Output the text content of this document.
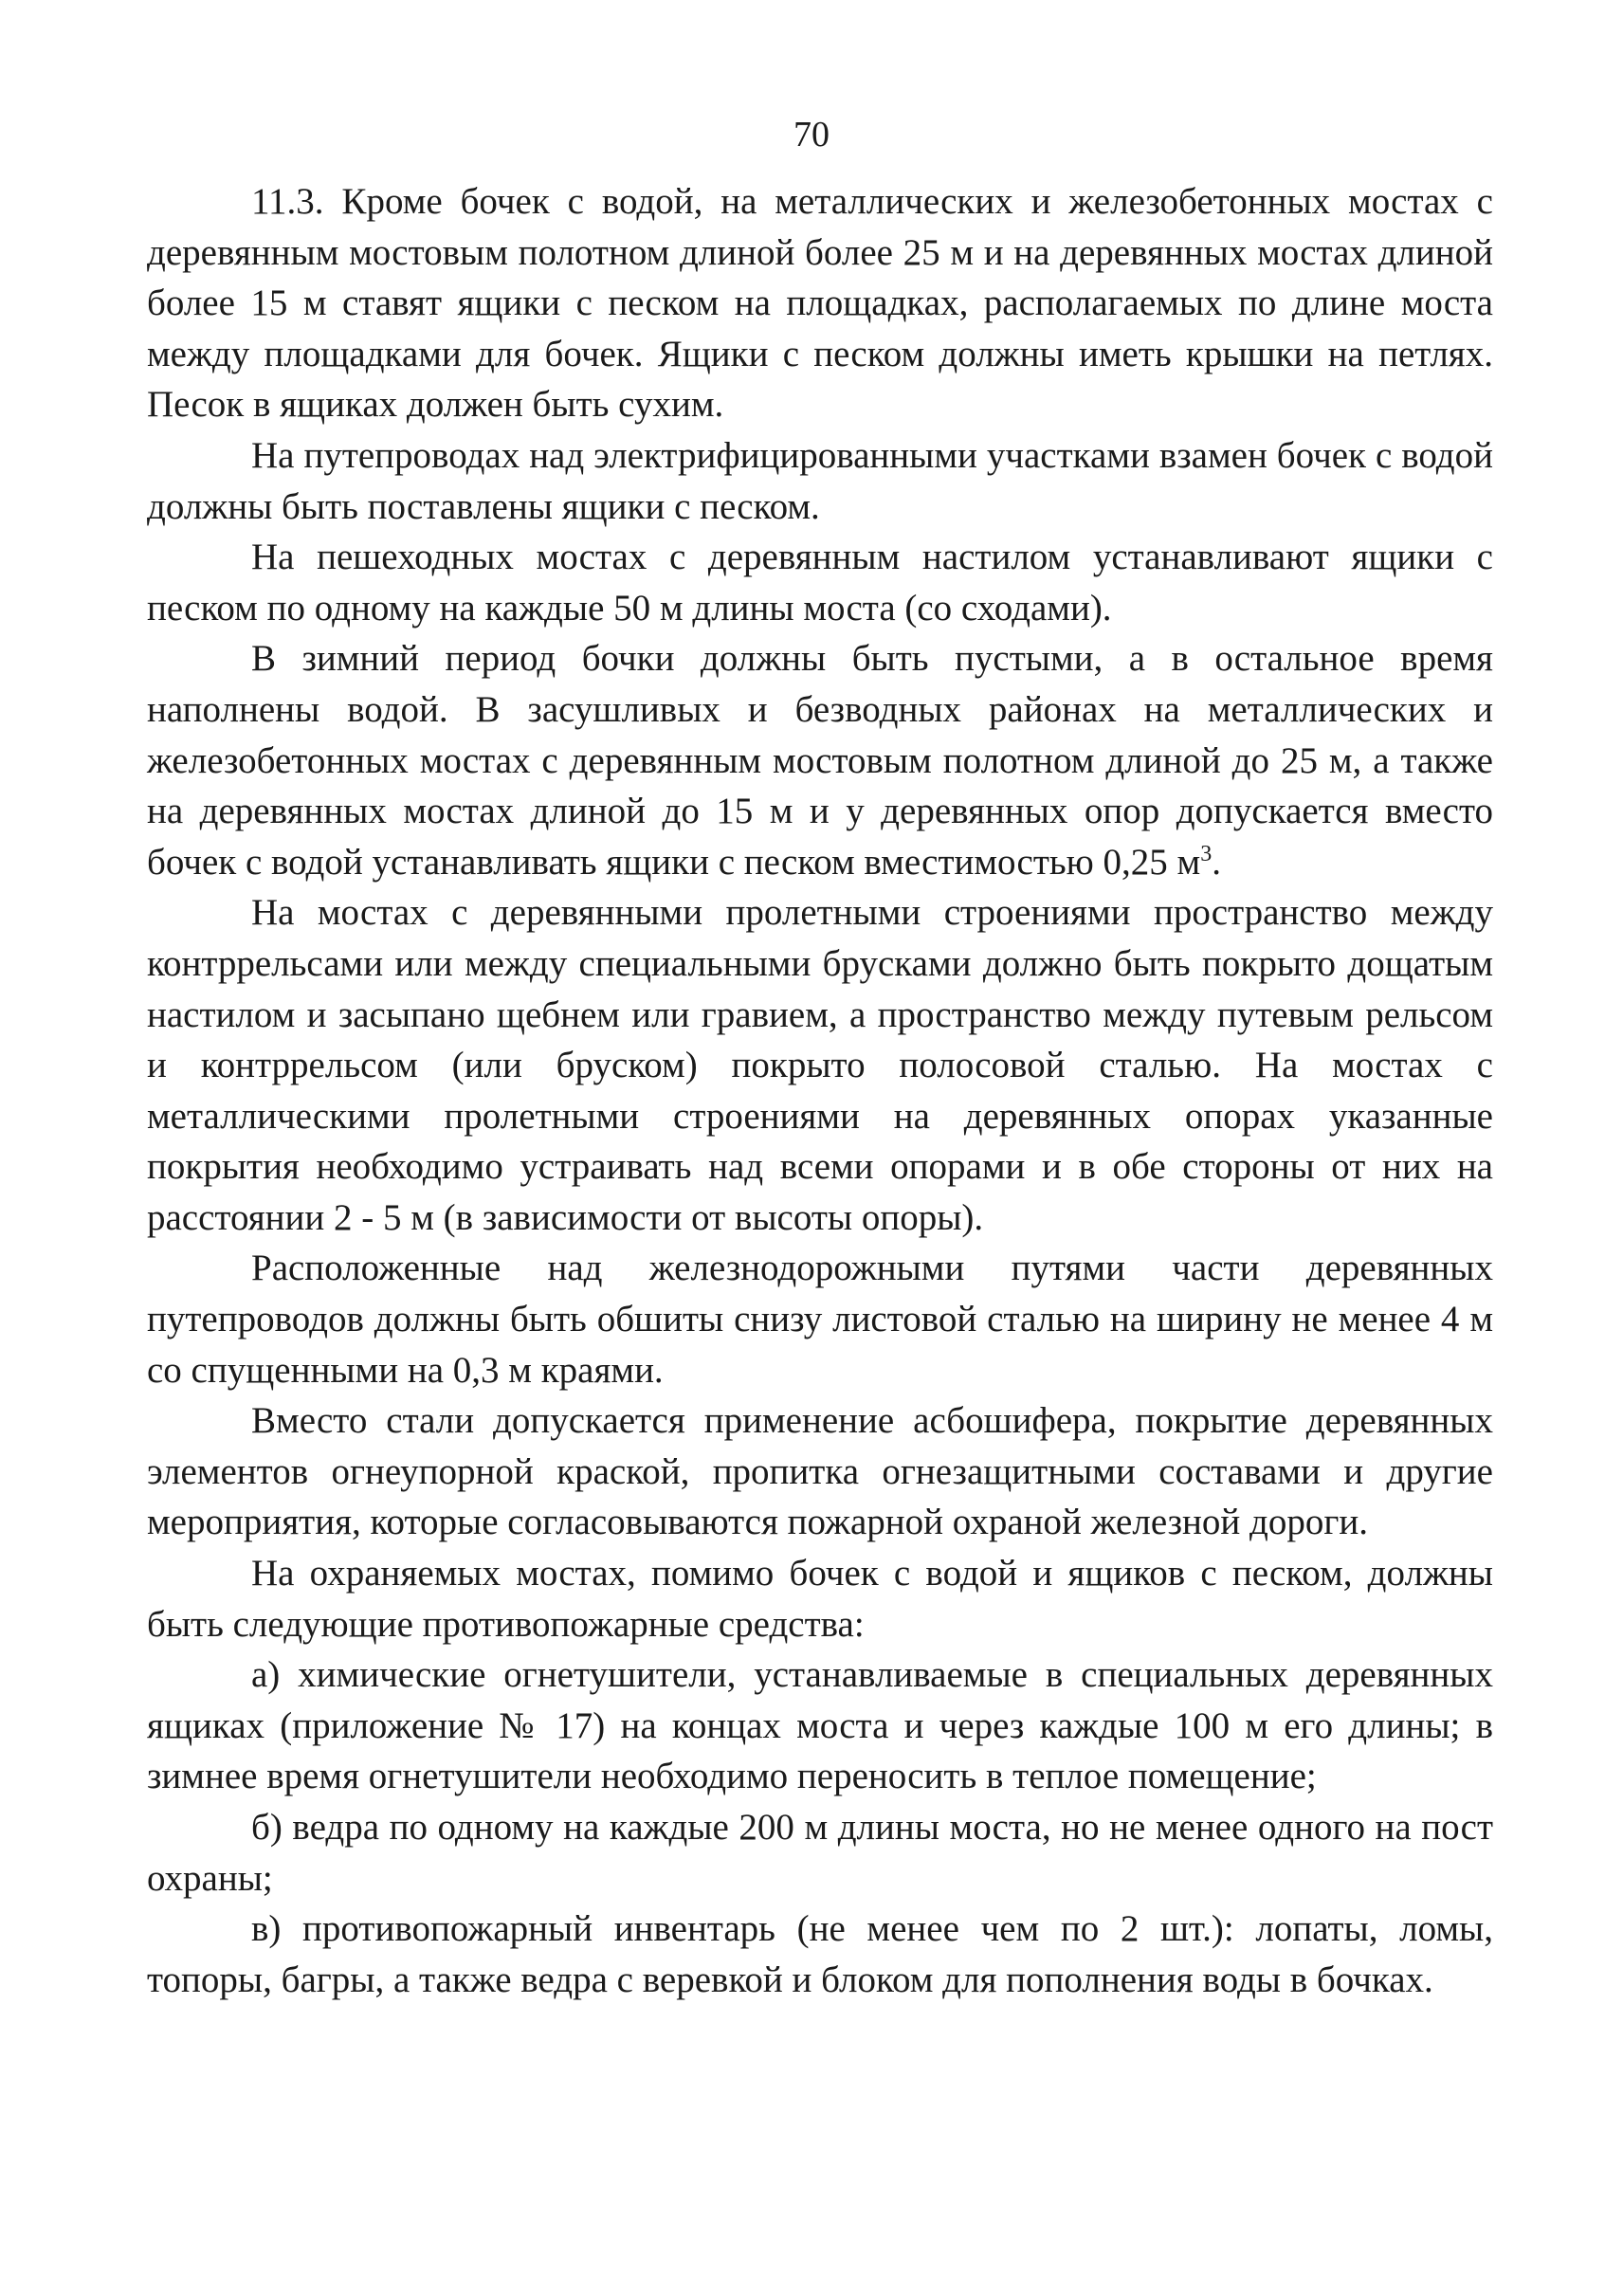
70

11.3. Кроме бочек с водой, на металлических и железобетонных мостах с деревянным мостовым полотном длиной более 25 м и на деревянных мостах длиной более 15 м ставят ящики с песком на площадках, располагаемых по длине моста между площадками для бочек. Ящики с песком должны иметь крышки на петлях. Песок в ящиках должен быть сухим.

На путепроводах над электрифицированными участками взамен бочек с водой должны быть поставлены ящики с песком.

На пешеходных мостах с деревянным настилом устанавливают ящики с песком по одному на каждые 50 м длины моста (со сходами).

В зимний период бочки должны быть пустыми, а в остальное время наполнены водой. В засушливых и безводных районах на металлических и железобетонных мостах с деревянным мостовым полотном длиной до 25 м, а также на деревянных мостах длиной до 15 м и у деревянных опор допускается вместо бочек с водой устанавливать ящики с песком вместимостью 0,25 $м^3$.

На мостах с деревянными пролетными строениями пространство между контррельсами или между специальными брусками должно быть покрыто дощатым настилом и засыпано щебнем или гравием, а пространство между путевым рельсом и контррельсом (или бруском) покрыто полосовой сталью. На мостах с металлическими пролетными строениями на деревянных опорах указанные покрытия необходимо устраивать над всеми опорами и в обе стороны от них на расстоянии 2 - 5 м (в зависимости от высоты опоры).

Расположенные над железнодорожными путями части деревянных путепроводов должны быть обшиты снизу листовой сталью на ширину не менее 4 м со спущенными на 0,3 м краями.

Вместо стали допускается применение асбошифера, покрытие деревянных элементов огнеупорной краской, пропитка огнезащитными составами и другие мероприятия, которые согласовываются пожарной охраной железной дороги.

На охраняемых мостах, помимо бочек с водой и ящиков с песком, должны быть следующие противопожарные средства:

а) химические огнетушители, устанавливаемые в специальных деревянных ящиках (приложение № 17) на концах моста и через каждые 100 м его длины; в зимнее время огнетушители необходимо переносить в теплое помещение;

б) ведра по одному на каждые 200 м длины моста, но не менее одного на пост охраны;

в) противопожарный инвентарь (не менее чем по 2 шт.): лопаты, ломы, топоры, багры, а также ведра с веревкой и блоком для пополнения воды в бочках.
